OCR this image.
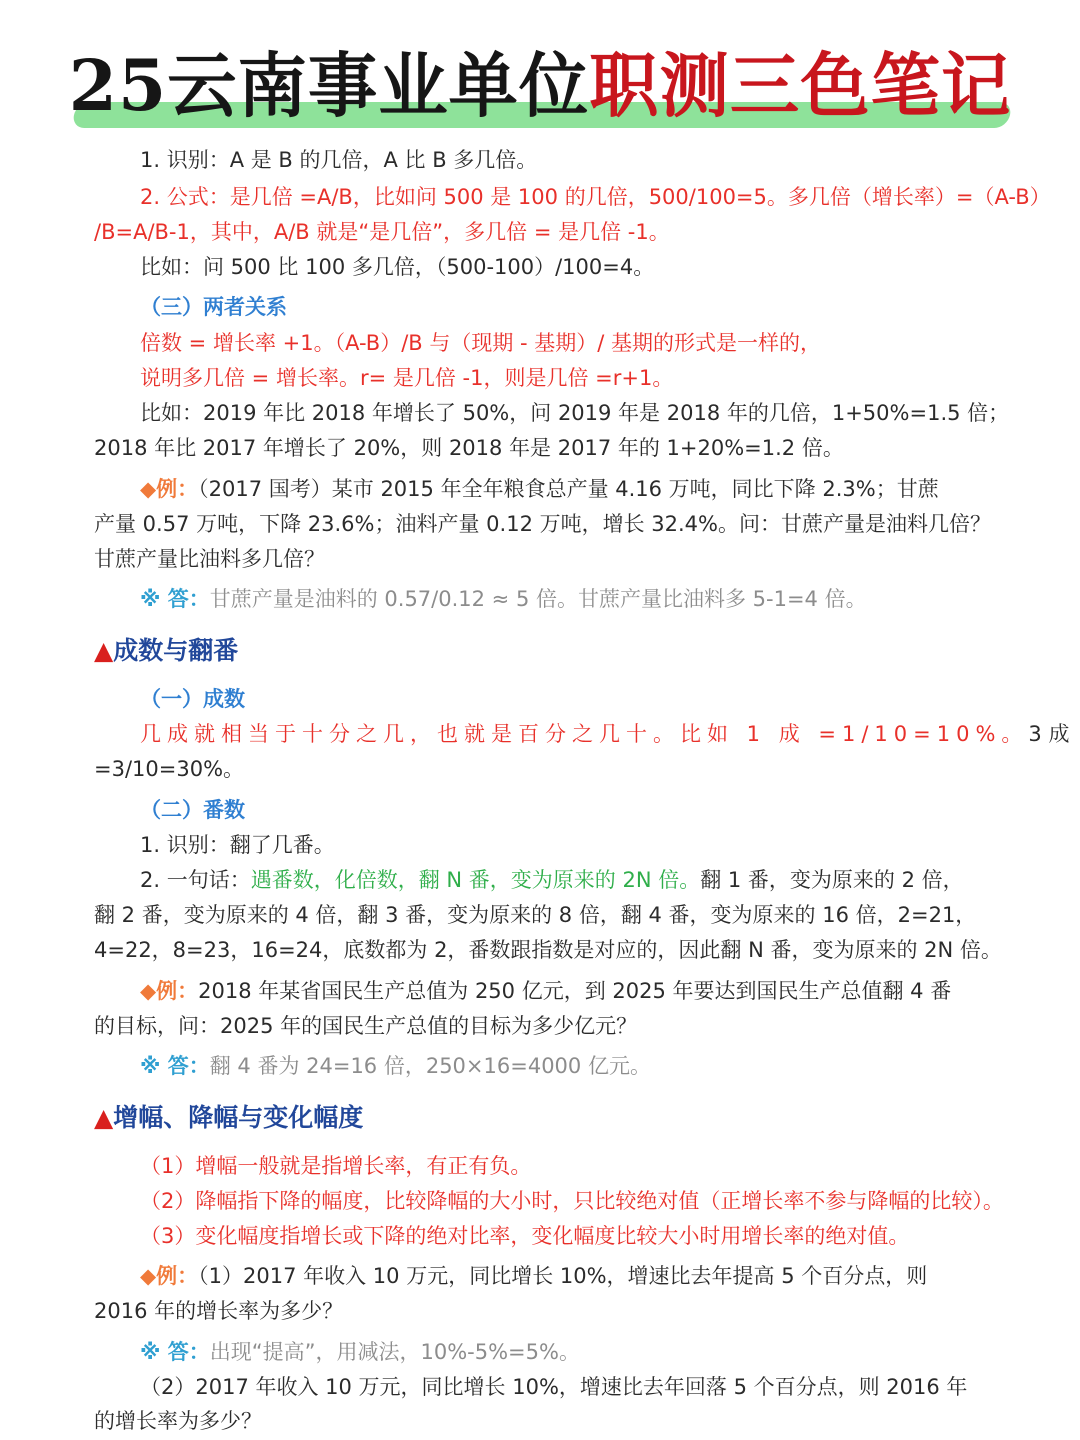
25云南事业单位职测三色笔记
1. 识别：A 是 B 的几倍，A 比 B 多几倍。
2. 公式：是几倍 =A/B，比如问 500 是 100 的几倍，500/100=5。多几倍（增长率）=（A-B）
/B=A/B-1，其中，A/B 就是“是几倍”，多几倍 = 是几倍 -1。
比如：问 500 比 100 多几倍，（500-100）/100=4。
（三）两者关系
倍数 = 增长率 +1。（A-B）/B 与（现期 - 基期）/ 基期的形式是一样的，
说明多几倍 = 增长率。r= 是几倍 -1，则是几倍 =r+1。
比如：2019 年比 2018 年增长了 50%，问 2019 年是 2018 年的几倍，1+50%=1.5 倍；
2018 年比 2017 年增长了 20%，则 2018 年是 2017 年的 1+20%=1.2 倍。
◆例：（2017 国考）某市 2015 年全年粮食总产量 4.16 万吨，同比下降 2.3%；甘蔗
产量 0.57 万吨，下降 23.6%；油料产量 0.12 万吨，增长 32.4%。问：甘蔗产量是油料几倍？
甘蔗产量比油料多几倍？
※ 答：甘蔗产量是油料的 0.57/0.12 ≈ 5 倍。甘蔗产量比油料多 5-1=4 倍。
▲成数与翻番
（一）成数
几成就相当于十分之几，也就是百分之几十。比如 1 成 =1/10=10%。3 成
=3/10=30%。
（二）番数
1. 识别：翻了几番。
2. 一句话：遇番数，化倍数，翻 N 番，变为原来的 2N 倍。翻 1 番，变为原来的 2 倍，
翻 2 番，变为原来的 4 倍，翻 3 番，变为原来的 8 倍，翻 4 番，变为原来的 16 倍，2=21，
4=22，8=23，16=24，底数都为 2，番数跟指数是对应的，因此翻 N 番，变为原来的 2N 倍。
◆例：2018 年某省国民生产总值为 250 亿元，到 2025 年要达到国民生产总值翻 4 番
的目标，问：2025 年的国民生产总值的目标为多少亿元？
※ 答：翻 4 番为 24=16 倍，250×16=4000 亿元。
▲增幅、降幅与变化幅度
（1）增幅一般就是指增长率，有正有负。
（2）降幅指下降的幅度，比较降幅的大小时，只比较绝对值（正增长率不参与降幅的比较）。
（3）变化幅度指增长或下降的绝对比率，变化幅度比较大小时用增长率的绝对值。
◆例：（1）2017 年收入 10 万元，同比增长 10%，增速比去年提高 5 个百分点，则
2016 年的增长率为多少？
※ 答：出现“提高”，用减法，10%-5%=5%。
（2）2017 年收入 10 万元，同比增长 10%，增速比去年回落 5 个百分点，则 2016 年
的增长率为多少？
